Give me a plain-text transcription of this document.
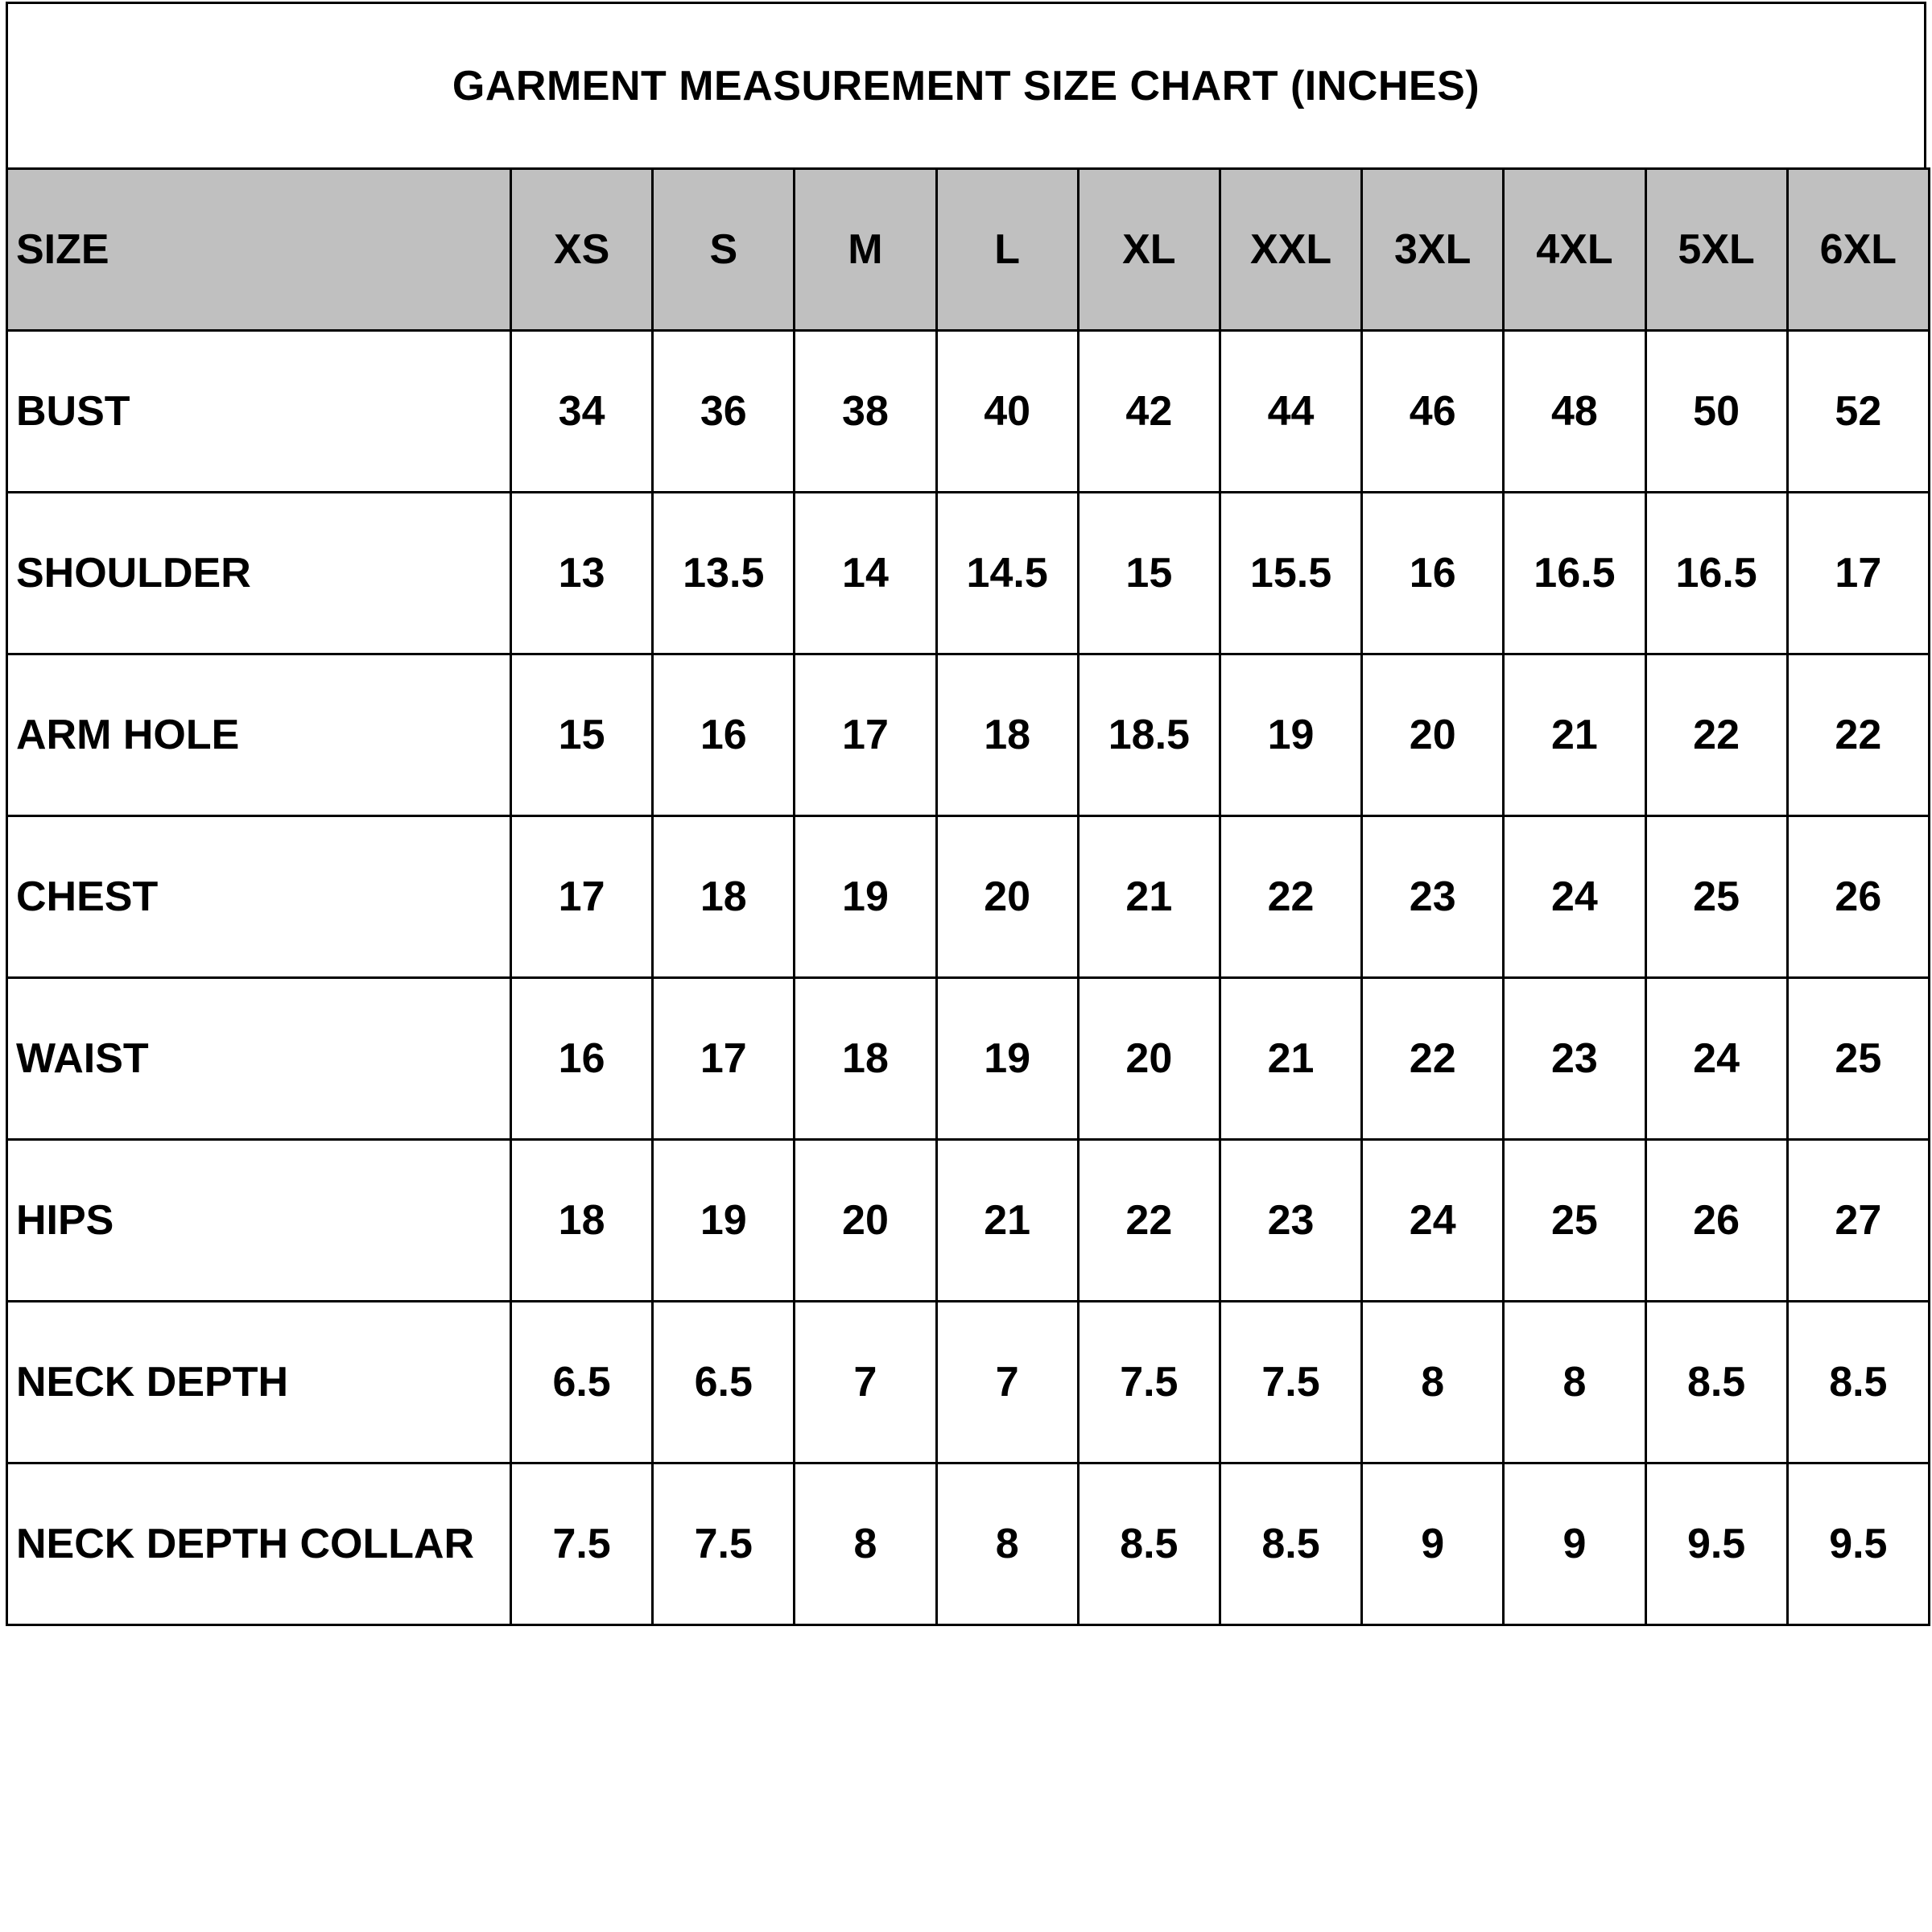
GARMENT MEASUREMENT SIZE CHART (INCHES)
SIZE	XS	S	M	L	XL	XXL	3XL	4XL	5XL	6XL
BUST	34	36	38	40	42	44	46	48	50	52
SHOULDER	13	13.5	14	14.5	15	15.5	16	16.5	16.5	17
ARM HOLE	15	16	17	18	18.5	19	20	21	22	22
CHEST	17	18	19	20	21	22	23	24	25	26
WAIST	16	17	18	19	20	21	22	23	24	25
HIPS	18	19	20	21	22	23	24	25	26	27
NECK DEPTH	6.5	6.5	7	7	7.5	7.5	8	8	8.5	8.5
NECK DEPTH COLLAR	7.5	7.5	8	8	8.5	8.5	9	9	9.5	9.5
